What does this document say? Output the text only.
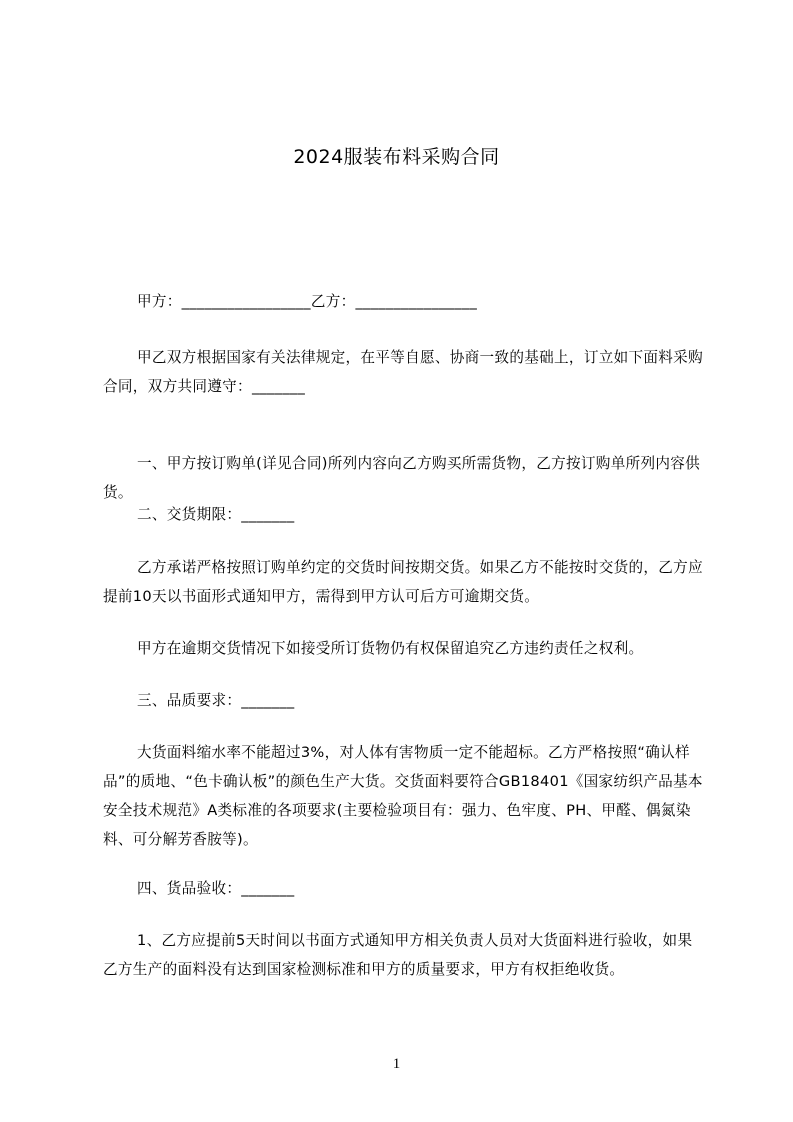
2024服装布料采购合同

甲方：_________________乙方：________________

甲乙双方根据国家有关法律规定，在平等自愿、协商一致的基础上，订立如下面料采购合同，双方共同遵守：_______

一、甲方按订购单(详见合同)所列内容向乙方购买所需货物，乙方按订购单所列内容供货。

二、交货期限：_______

乙方承诺严格按照订购单约定的交货时间按期交货。如果乙方不能按时交货的，乙方应提前10天以书面形式通知甲方，需得到甲方认可后方可逾期交货。

甲方在逾期交货情况下如接受所订货物仍有权保留追究乙方违约责任之权利。

三、品质要求：_______

大货面料缩水率不能超过3%，对人体有害物质一定不能超标。乙方严格按照“确认样品”的质地、“色卡确认板”的颜色生产大货。交货面料要符合GB18401《国家纺织产品基本安全技术规范》A类标准的各项要求(主要检验项目有：强力、色牢度、PH、甲醛、偶氮染料、可分解芳香胺等)。

四、货品验收：_______

1、乙方应提前5天时间以书面方式通知甲方相关负责人员对大货面料进行验收，如果乙方生产的面料没有达到国家检测标准和甲方的质量要求，甲方有权拒绝收货。

1
